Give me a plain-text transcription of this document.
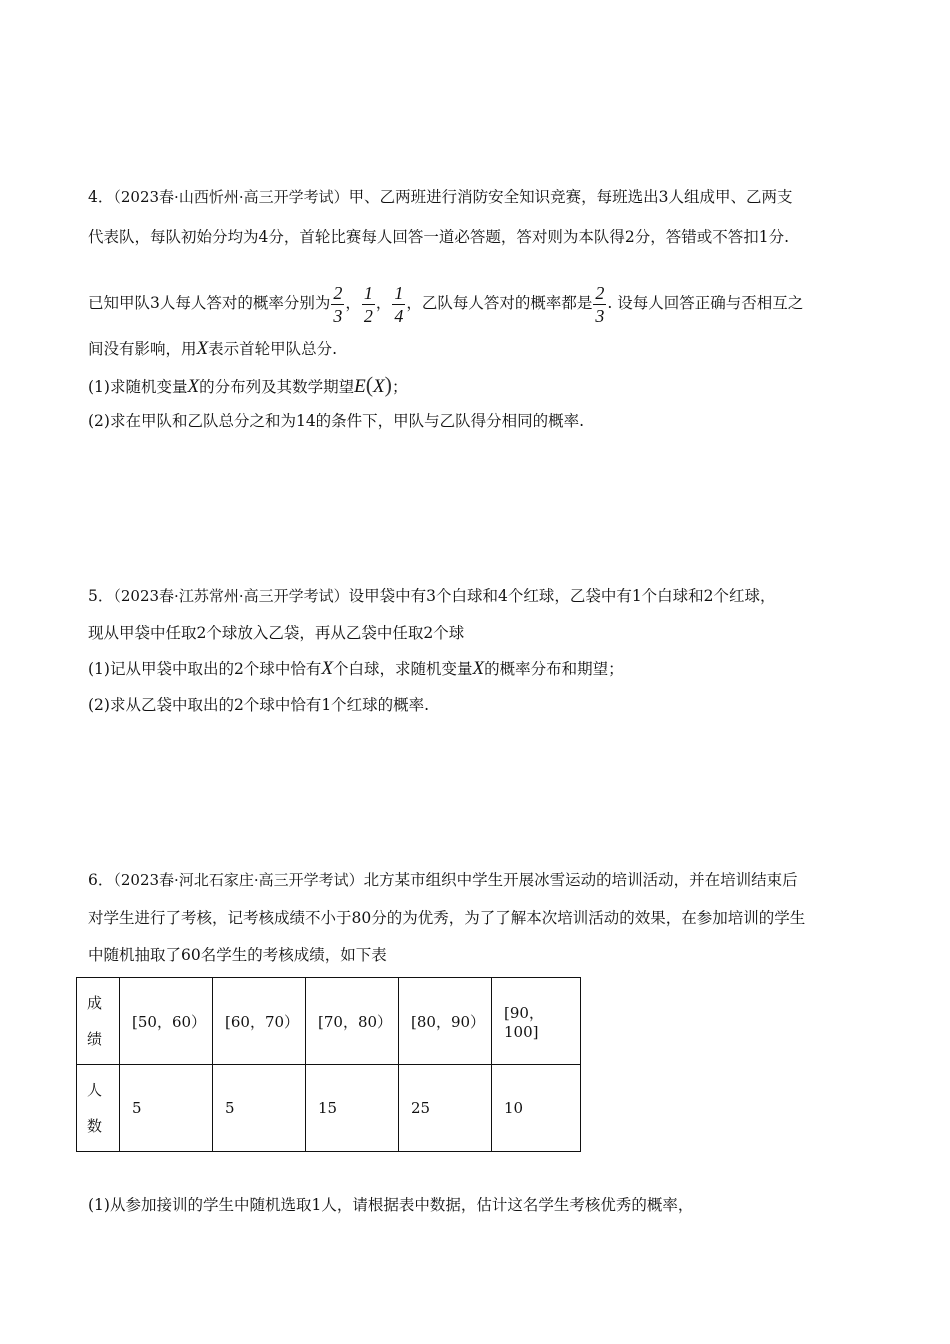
4．（2023春·山西忻州·高三开学考试）甲、乙两班进行消防安全知识竞赛，每班选出3人组成甲、乙两支
代表队，每队初始分均为4分，首轮比赛每人回答一道必答题，答对则为本队得2分，答错或不答扣1分.
已知甲队3人每人答对的概率分别为 $\frac{2}{3}$ ， $\frac{1}{2}$ ， $\frac{1}{4}$ ，乙队每人答对的概率都是 $\frac{2}{3}$ . 设每人回答正确与否相互之
间没有影响，用X表示首轮甲队总分.
(1)求随机变量X的分布列及其数学期望E(X)；
(2)求在甲队和乙队总分之和为14的条件下，甲队与乙队得分相同的概率.
5．（2023春·江苏常州·高三开学考试）设甲袋中有3个白球和4个红球，乙袋中有1个白球和2个红球，
现从甲袋中任取2个球放入乙袋，再从乙袋中任取2个球
(1)记从甲袋中取出的2个球中恰有X个白球，求随机变量X的概率分布和期望；
(2)求从乙袋中取出的2个球中恰有1个红球的概率.
6．（2023春·河北石家庄·高三开学考试）北方某市组织中学生开展冰雪运动的培训活动，并在培训结束后
对学生进行了考核，记考核成绩不小于80分的为优秀，为了了解本次培训活动的效果，在参加培训的学生
中随机抽取了60名学生的考核成绩，如下表
成
绩	[50，60）	[60，70）	[70，80）	[80，90）	[90，100]
人
数	5	5	15	25	10
(1)从参加接训的学生中随机选取1人，请根据表中数据，估计这名学生考核优秀的概率，
